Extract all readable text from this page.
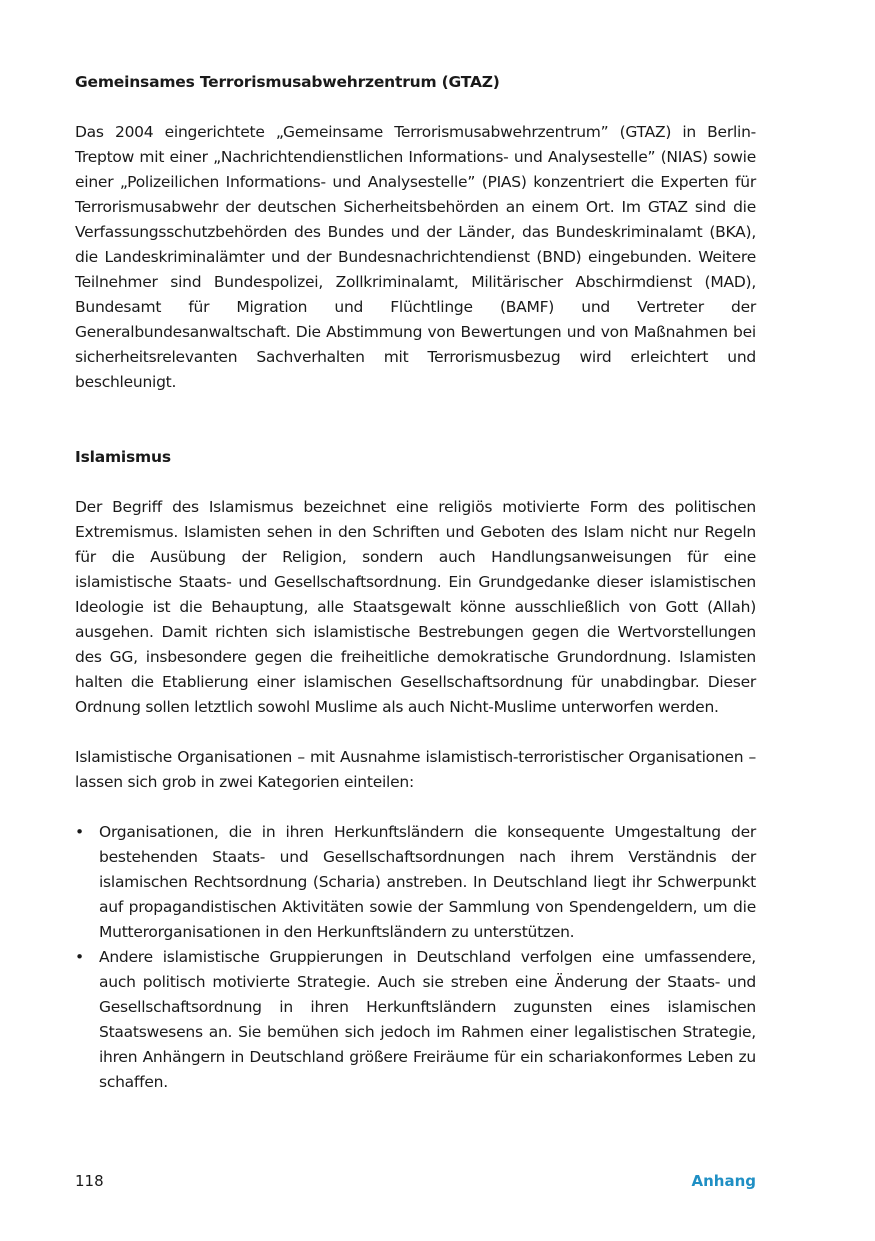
Gemeinsames Terrorismusabwehrzentrum (GTAZ)

Das 2004 eingerichtete „Gemeinsame Terrorismusabwehrzentrum” (GTAZ) in Berlin-Treptow mit einer „Nachrichtendienstlichen Informations- und Analysestelle” (NIAS) sowie einer „Polizeilichen Informations- und Analysestelle” (PIAS) konzentriert die Experten für Terrorismusabwehr der deutschen Sicherheitsbehörden an einem Ort. Im GTAZ sind die Verfassungsschutzbehörden des Bundes und der Länder, das Bundeskriminalamt (BKA), die Landeskriminalämter und der Bundesnachrichtendienst (BND) eingebunden. Weitere Teilnehmer sind Bundespolizei, Zollkriminalamt, Militärischer Abschirmdienst (MAD), Bundesamt für Migration und Flüchtlinge (BAMF) und Vertreter der Generalbundesanwaltschaft. Die Abstimmung von Bewertungen und von Maßnahmen bei sicherheitsrelevanten Sachverhalten mit Terrorismusbezug wird erleichtert und beschleunigt.

Islamismus

Der Begriff des Islamismus bezeichnet eine religiös motivierte Form des politischen Extremismus. Islamisten sehen in den Schriften und Geboten des Islam nicht nur Regeln für die Ausübung der Religion, sondern auch Handlungsanweisungen für eine islamistische Staats- und Gesellschaftsordnung. Ein Grundgedanke dieser islamistischen Ideologie ist die Behauptung, alle Staatsgewalt könne ausschließlich von Gott (Allah) ausgehen. Damit richten sich islamistische Bestrebungen gegen die Wertvorstellungen des GG, insbesondere gegen die freiheitliche demokratische Grundordnung. Islamisten halten die Etablierung einer islamischen Gesellschaftsordnung für unabdingbar. Dieser Ordnung sollen letztlich sowohl Muslime als auch Nicht-Muslime unterworfen werden.

Islamistische Organisationen – mit Ausnahme islamistisch-terroristischer Organisationen – lassen sich grob in zwei Kategorien einteilen:

• Organisationen, die in ihren Herkunftsländern die konsequente Umgestaltung der bestehenden Staats- und Gesellschaftsordnungen nach ihrem Verständnis der islamischen Rechtsordnung (Scharia) anstreben. In Deutschland liegt ihr Schwerpunkt auf propagandistischen Aktivitäten sowie der Sammlung von Spendengeldern, um die Mutterorganisationen in den Herkunftsländern zu unterstützen.
• Andere islamistische Gruppierungen in Deutschland verfolgen eine umfassendere, auch politisch motivierte Strategie. Auch sie streben eine Änderung der Staats- und Gesellschaftsordnung in ihren Herkunftsländern zugunsten eines islamischen Staatswesens an. Sie bemühen sich jedoch im Rahmen einer legalistischen Strategie, ihren Anhängern in Deutschland größere Freiräume für ein schariakonformes Leben zu schaffen.
118	Anhang
